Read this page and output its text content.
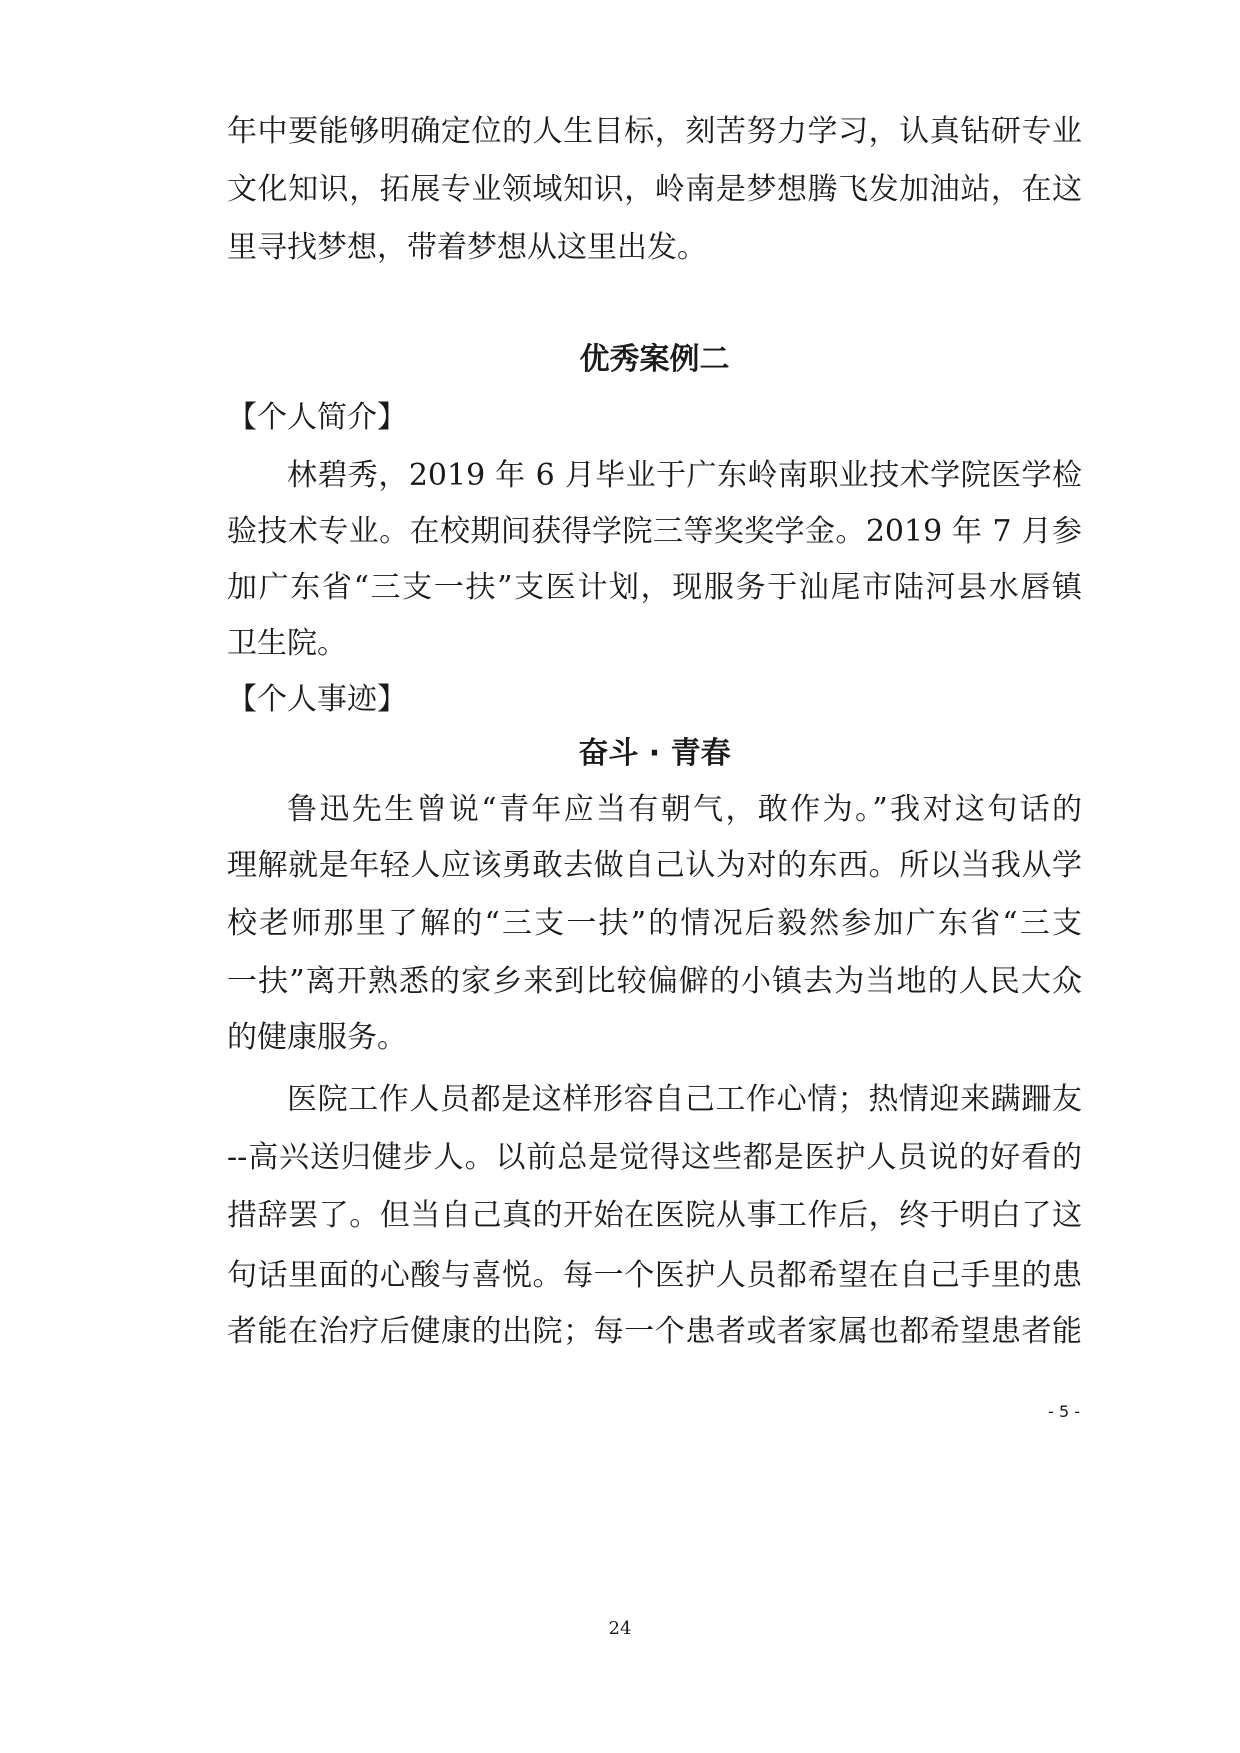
年中要能够明确定位的人生目标，刻苦努力学习，认真钻研专业
文化知识，拓展专业领域知识，岭南是梦想腾飞发加油站，在这
里寻找梦想，带着梦想从这里出发。
优秀案例二
【个人简介】
林碧秀，2019 年 6 月毕业于广东岭南职业技术学院医学检
验技术专业。在校期间获得学院三等奖奖学金。2019 年 7 月参
加广东省“三支一扶”支医计划，现服务于汕尾市陆河县水唇镇
卫生院。
【个人事迹】
奋斗 · 青春
鲁迅先生曾说“青年应当有朝气，敢作为。”我对这句话的
理解就是年轻人应该勇敢去做自己认为对的东西。所以当我从学
校老师那里了解的“三支一扶”的情况后毅然参加广东省“三支
一扶”离开熟悉的家乡来到比较偏僻的小镇去为当地的人民大众
的健康服务。
医院工作人员都是这样形容自己工作心情；热情迎来蹒跚友
--高兴送归健步人。以前总是觉得这些都是医护人员说的好看的
措辞罢了。但当自己真的开始在医院从事工作后，终于明白了这
句话里面的心酸与喜悦。每一个医护人员都希望在自己手里的患
者能在治疗后健康的出院；每一个患者或者家属也都希望患者能
- 5 -
24
